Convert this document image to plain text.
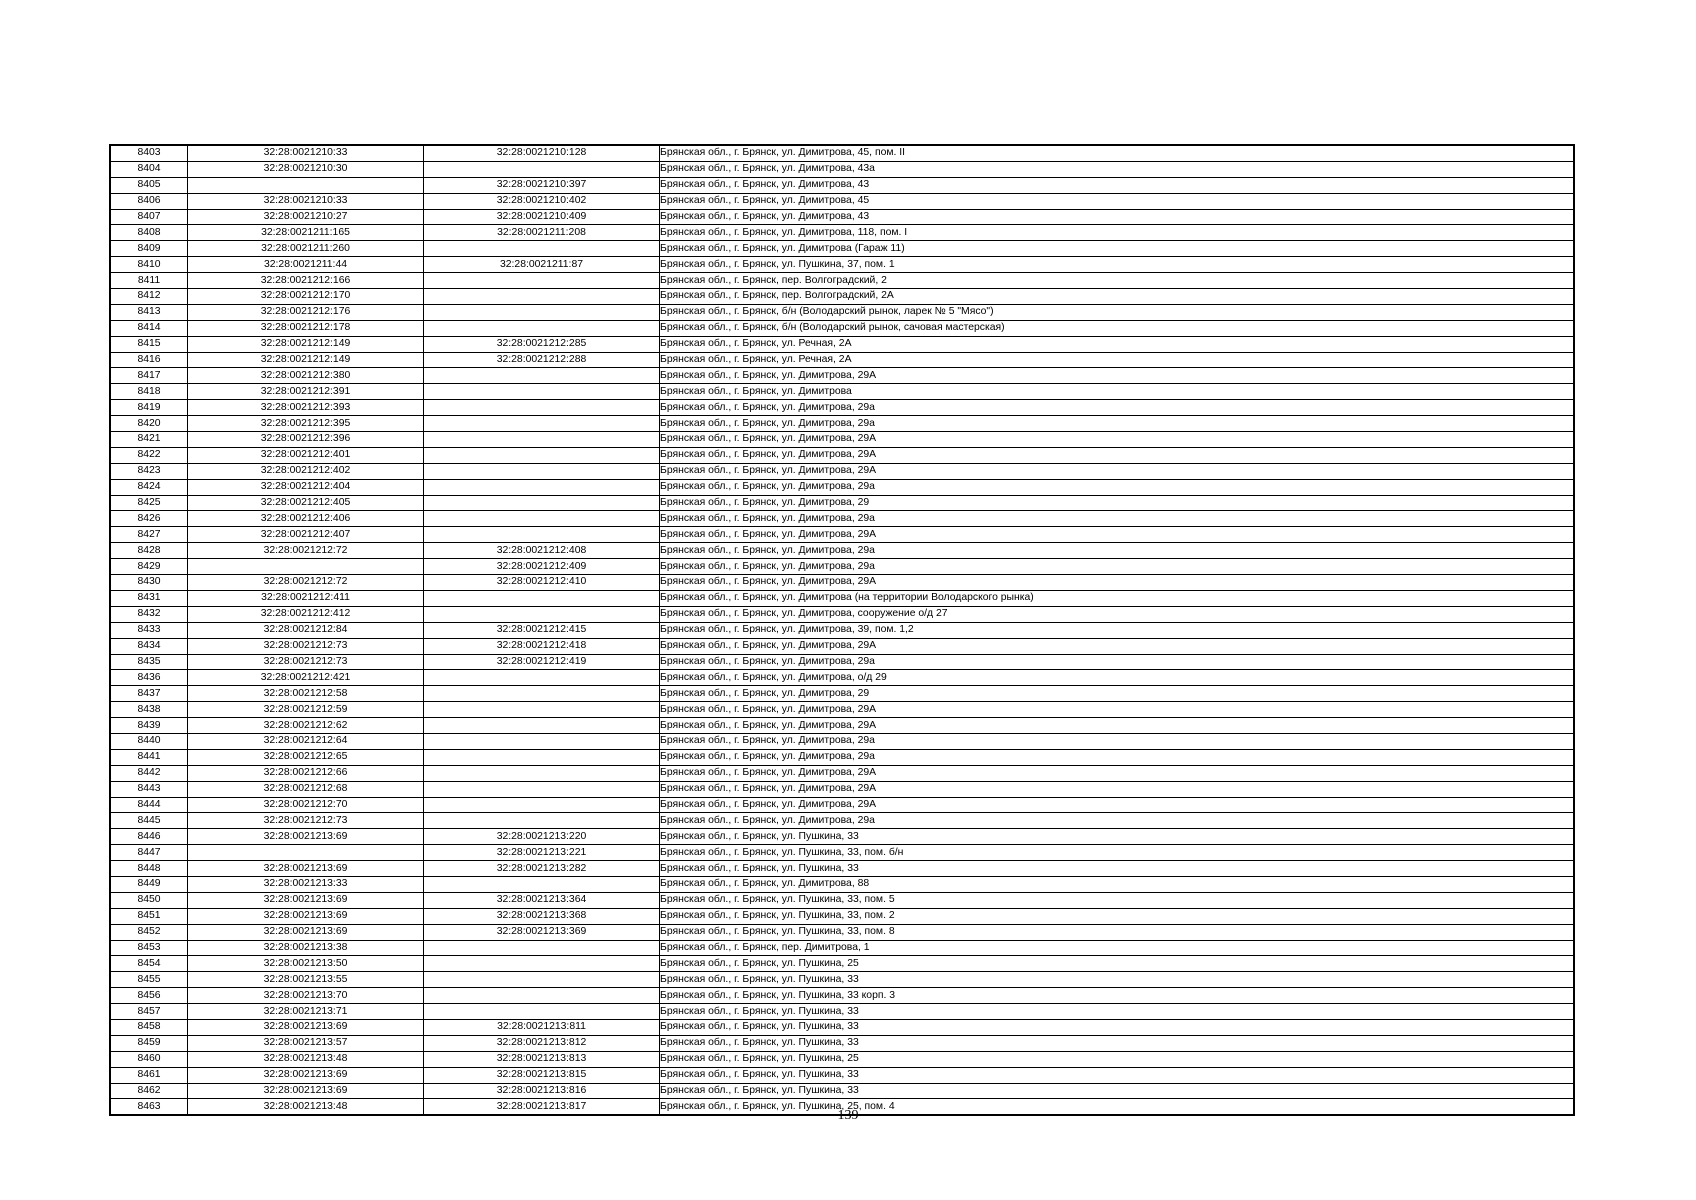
8403	32:28:0021210:33	32:28:0021210:128	Брянская обл., г. Брянск, ул. Димитрова, 45, пом. II
8404	32:28:0021210:30		Брянская обл., г. Брянск, ул. Димитрова, 43а
8405		32:28:0021210:397	Брянская обл., г. Брянск, ул. Димитрова, 43
8406	32:28:0021210:33	32:28:0021210:402	Брянская обл., г. Брянск, ул. Димитрова, 45
8407	32:28:0021210:27	32:28:0021210:409	Брянская обл., г. Брянск, ул. Димитрова, 43
8408	32:28:0021211:165	32:28:0021211:208	Брянская обл., г. Брянск, ул. Димитрова, 118, пом. I
8409	32:28:0021211:260		Брянская обл., г. Брянск, ул. Димитрова (Гараж 11)
8410	32:28:0021211:44	32:28:0021211:87	Брянская обл., г. Брянск, ул. Пушкина, 37, пом. 1
8411	32:28:0021212:166		Брянская обл., г. Брянск, пер. Волгоградский, 2
8412	32:28:0021212:170		Брянская обл., г. Брянск, пер. Волгоградский, 2А
8413	32:28:0021212:176		Брянская обл., г. Брянск, б/н (Володарский рынок, ларек № 5 "Мясо")
8414	32:28:0021212:178		Брянская обл., г. Брянск, б/н (Володарский рынок, сачовая мастерская)
8415	32:28:0021212:149	32:28:0021212:285	Брянская обл., г. Брянск, ул. Речная, 2А
8416	32:28:0021212:149	32:28:0021212:288	Брянская обл., г. Брянск, ул. Речная, 2А
8417	32:28:0021212:380		Брянская обл., г. Брянск, ул. Димитрова, 29А
8418	32:28:0021212:391		Брянская обл., г. Брянск, ул. Димитрова
8419	32:28:0021212:393		Брянская обл., г. Брянск, ул. Димитрова, 29а
8420	32:28:0021212:395		Брянская обл., г. Брянск, ул. Димитрова, 29а
8421	32:28:0021212:396		Брянская обл., г. Брянск, ул. Димитрова, 29А
8422	32:28:0021212:401		Брянская обл., г. Брянск, ул. Димитрова, 29А
8423	32:28:0021212:402		Брянская обл., г. Брянск, ул. Димитрова, 29А
8424	32:28:0021212:404		Брянская обл., г. Брянск, ул. Димитрова, 29а
8425	32:28:0021212:405		Брянская обл., г. Брянск, ул. Димитрова, 29
8426	32:28:0021212:406		Брянская обл., г. Брянск, ул. Димитрова, 29а
8427	32:28:0021212:407		Брянская обл., г. Брянск, ул. Димитрова, 29А
8428	32:28:0021212:72	32:28:0021212:408	Брянская обл., г. Брянск, ул. Димитрова, 29а
8429		32:28:0021212:409	Брянская обл., г. Брянск, ул. Димитрова, 29а
8430	32:28:0021212:72	32:28:0021212:410	Брянская обл., г. Брянск, ул. Димитрова, 29А
8431	32:28:0021212:411		Брянская обл., г. Брянск, ул. Димитрова (на территории Володарского рынка)
8432	32:28:0021212:412		Брянская обл., г. Брянск, ул. Димитрова, сооружение о/д 27
8433	32:28:0021212:84	32:28:0021212:415	Брянская обл., г. Брянск, ул. Димитрова, 39, пом. 1,2
8434	32:28:0021212:73	32:28:0021212:418	Брянская обл., г. Брянск, ул. Димитрова, 29А
8435	32:28:0021212:73	32:28:0021212:419	Брянская обл., г. Брянск, ул. Димитрова, 29а
8436	32:28:0021212:421		Брянская обл., г. Брянск, ул. Димитрова, о/д 29
8437	32:28:0021212:58		Брянская обл., г. Брянск, ул. Димитрова, 29
8438	32:28:0021212:59		Брянская обл., г. Брянск, ул. Димитрова, 29А
8439	32:28:0021212:62		Брянская обл., г. Брянск, ул. Димитрова, 29А
8440	32:28:0021212:64		Брянская обл., г. Брянск, ул. Димитрова, 29а
8441	32:28:0021212:65		Брянская обл., г. Брянск, ул. Димитрова, 29а
8442	32:28:0021212:66		Брянская обл., г. Брянск, ул. Димитрова, 29А
8443	32:28:0021212:68		Брянская обл., г. Брянск, ул. Димитрова, 29А
8444	32:28:0021212:70		Брянская обл., г. Брянск, ул. Димитрова, 29А
8445	32:28:0021212:73		Брянская обл., г. Брянск, ул. Димитрова, 29а
8446	32:28:0021213:69	32:28:0021213:220	Брянская обл., г. Брянск, ул. Пушкина, 33
8447		32:28:0021213:221	Брянская обл., г. Брянск, ул. Пушкина, 33, пом. б/н
8448	32:28:0021213:69	32:28:0021213:282	Брянская обл., г. Брянск, ул. Пушкина, 33
8449	32:28:0021213:33		Брянская обл., г. Брянск, ул. Димитрова, 88
8450	32:28:0021213:69	32:28:0021213:364	Брянская обл., г. Брянск, ул. Пушкина, 33, пом. 5
8451	32:28:0021213:69	32:28:0021213:368	Брянская обл., г. Брянск, ул. Пушкина, 33, пом. 2
8452	32:28:0021213:69	32:28:0021213:369	Брянская обл., г. Брянск, ул. Пушкина, 33, пом. 8
8453	32:28:0021213:38		Брянская обл., г. Брянск, пер. Димитрова, 1
8454	32:28:0021213:50		Брянская обл., г. Брянск, ул. Пушкина, 25
8455	32:28:0021213:55		Брянская обл., г. Брянск, ул. Пушкина, 33
8456	32:28:0021213:70		Брянская обл., г. Брянск, ул. Пушкина, 33 корп. 3
8457	32:28:0021213:71		Брянская обл., г. Брянск, ул. Пушкина, 33
8458	32:28:0021213:69	32:28:0021213:811	Брянская обл., г. Брянск, ул. Пушкина, 33
8459	32:28:0021213:57	32:28:0021213:812	Брянская обл., г. Брянск, ул. Пушкина, 33
8460	32:28:0021213:48	32:28:0021213:813	Брянская обл., г. Брянск, ул. Пушкина, 25
8461	32:28:0021213:69	32:28:0021213:815	Брянская обл., г. Брянск, ул. Пушкина, 33
8462	32:28:0021213:69	32:28:0021213:816	Брянская обл., г. Брянск, ул. Пушкина, 33
8463	32:28:0021213:48	32:28:0021213:817	Брянская обл., г. Брянск, ул. Пушкина, 25, пом. 4
139
